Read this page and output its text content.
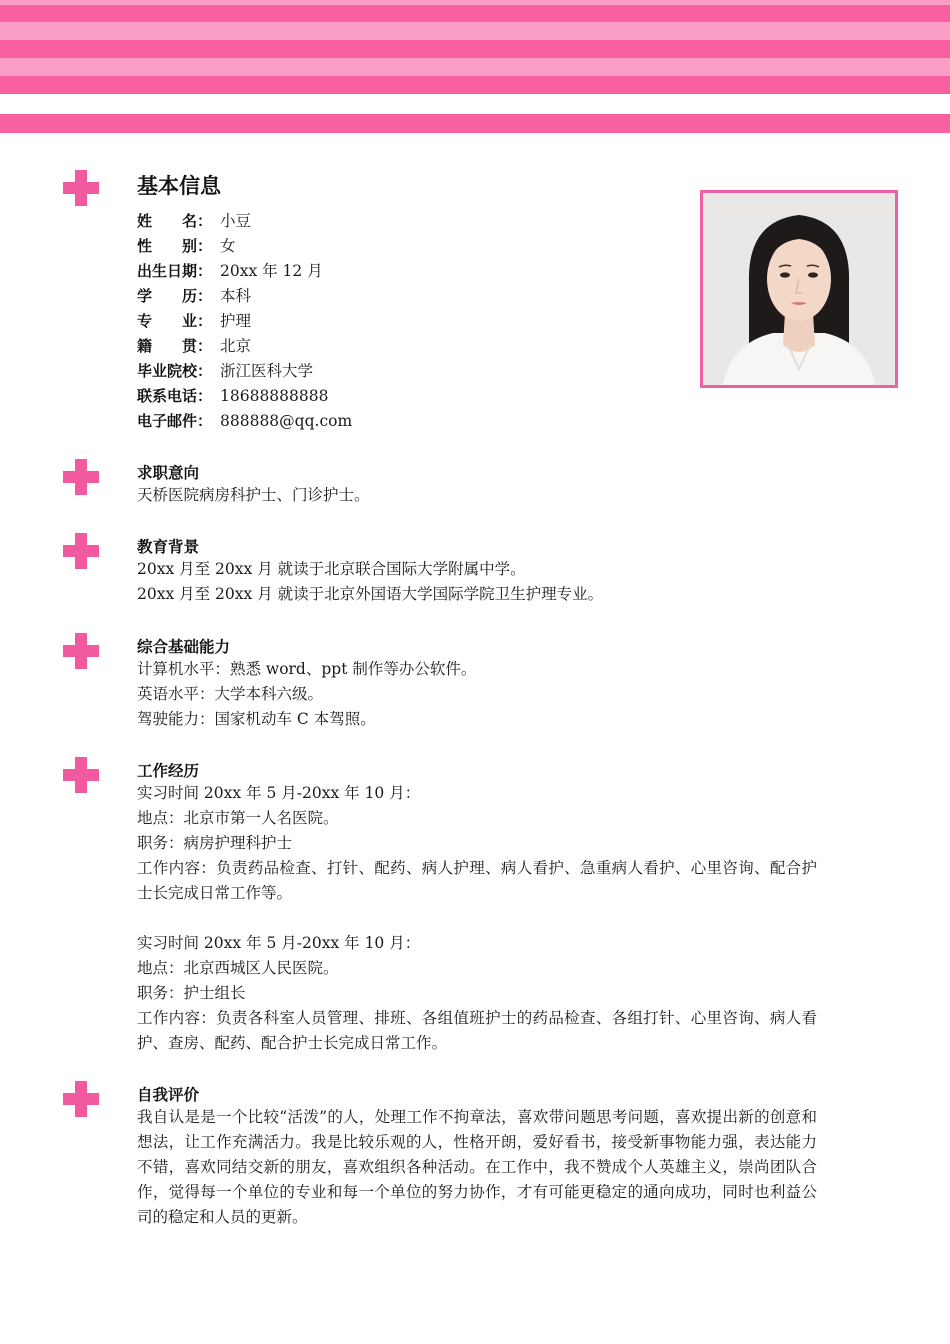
基本信息
姓　　名： 小豆
性　　别： 女
出生日期： 20xx 年 12 月
学　　历： 本科
专　　业： 护理
籍　　贯： 北京
毕业院校： 浙江医科大学
联系电话： 18688888888
电子邮件： 888888@qq.com
求职意向
天桥医院病房科护士、门诊护士。
教育背景
20xx 月至 20xx 月 就读于北京联合国际大学附属中学。
20xx 月至 20xx 月 就读于北京外国语大学国际学院卫生护理专业。
综合基础能力
计算机水平：熟悉 word、ppt 制作等办公软件。
英语水平：大学本科六级。
驾驶能力：国家机动车 C 本驾照。
工作经历
实习时间 20xx 年 5 月-20xx 年 10 月：
地点：北京市第一人名医院。
职务：病房护理科护士
工作内容：负责药品检查、打针、配药、病人护理、病人看护、急重病人看护、心里咨询、配合护士长完成日常工作等。
实习时间 20xx 年 5 月-20xx 年 10 月：
地点：北京西城区人民医院。
职务：护士组长
工作内容：负责各科室人员管理、排班、各组值班护士的药品检查、各组打针、心里咨询、病人看护、查房、配药、配合护士长完成日常工作。
自我评价
我自认是是一个比较“活泼”的人，处理工作不拘章法，喜欢带问题思考问题，喜欢提出新的创意和想法，让工作充满活力。我是比较乐观的人，性格开朗，爱好看书，接受新事物能力强，表达能力不错，喜欢同结交新的朋友，喜欢组织各种活动。在工作中，我不赞成个人英雄主义，崇尚团队合作，觉得每一个单位的专业和每一个单位的努力协作，才有可能更稳定的通向成功，同时也利益公司的稳定和人员的更新。
